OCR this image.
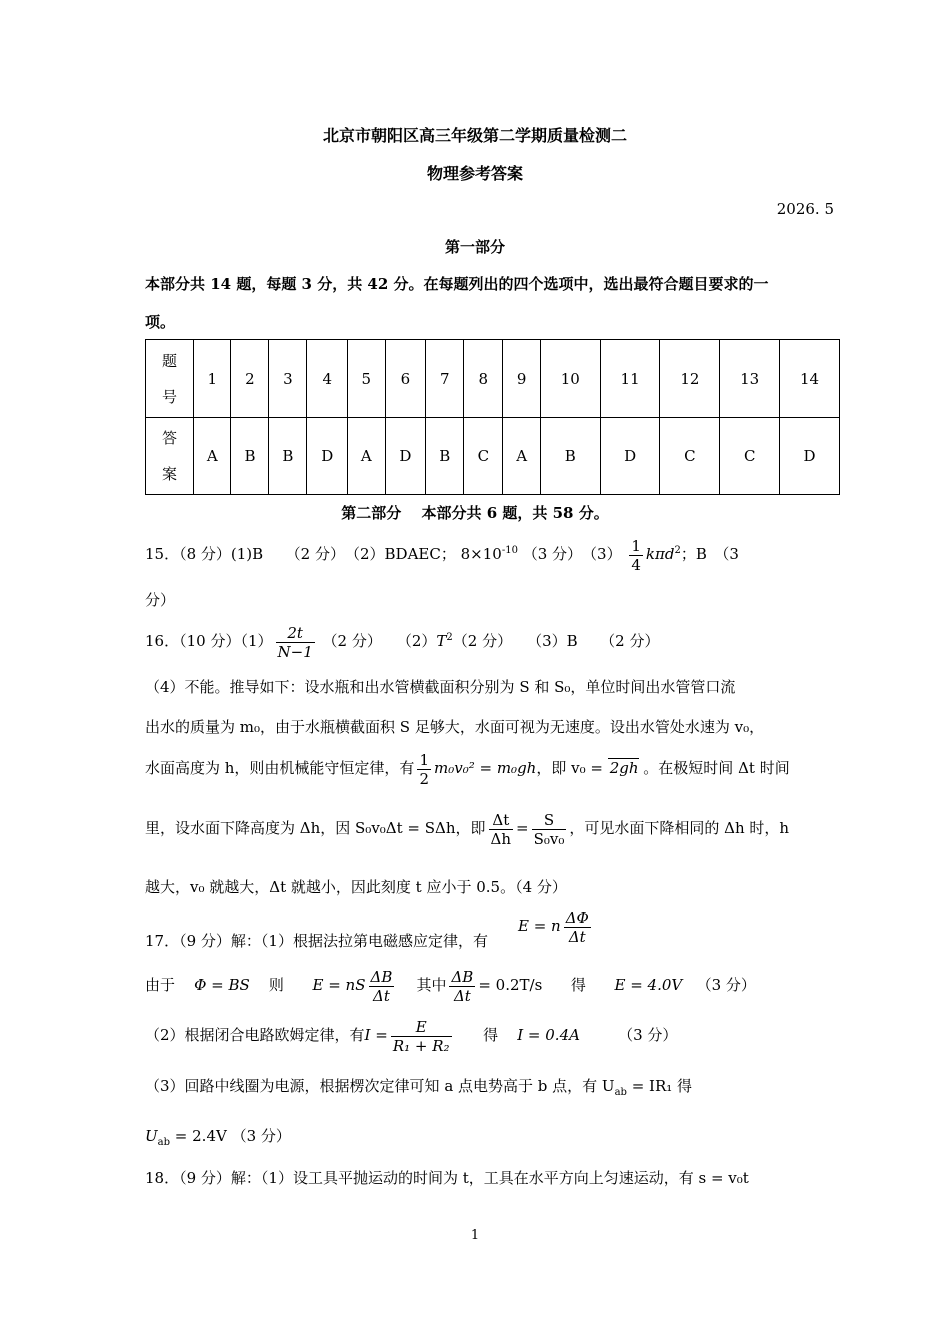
北京市朝阳区高三年级第二学期质量检测二
物理参考答案
2026. 5
第一部分
本部分共 14 题，每题 3 分，共 42 分。在每题列出的四个选项中，选出最符合题目要求的一
项。
题
号	1	2	3	4	5	6	7	8	9	10	11	12	13	14
答
案	A	B	B	D	A	D	B	C	A	B	D	C	C	D
第二部分　 本部分共 6 题，共 58 分。
15．（8 分）(1)B　　（2 分）　（2）BDAEC； $8\times 10^{-10}$ （3 分）　$(3) \frac{1}{4} k\pi d^2$；B　（3
分）
16．（10 分）$(1) \frac{2t}{N-1} (2$ 分）　　$(2)T^2(2$ 分）　　（3）B　　（2 分）
（4）不能。推导如下：设水瓶和出水管横截面积分别为 S 和 S₀，单位时间出水管管口流
出水的质量为 m₀，由于水瓶横截面积 S 足够大，水面可视为无速度。设出水管处水速为 v₀，
水面高度为 h，则由机械能守恒定律，有 $\frac{1}{2} m_0v_0^2 = m_0gh$，即 v₀ = 2gh 。在极短时间 Δt 时间
里，设水面下降高度为 Δh，因 S₀v₀Δt = SΔh，即 $\frac{\Delta t}{\Delta h} = \frac{S}{\text{S₀v₀}}$ ，可见水面下降相同的 Δh 时，h
越大，v₀ 就越大，Δt 就越小，因此刻度 t 应小于 0.5。（4 分）
17．（9 分）解：（1）根据法拉第电磁感应定律，有
E = n $\frac{\Delta\Phi}{\Delta t}$
由于 Φ = BS 则 E = nS $\frac{\Delta B}{\Delta t}$ 其中 $\frac{\Delta B}{\Delta t} = 0.2T/s$ 得 E = 4.0V （3 分）
（2）根据闭合电路欧姆定律，有$I = \frac{E}{\text{R₁ + R₂}}$ 得 I = 0.4A	（3 分）
（3）回路中线圈为电源，根据楞次定律可知 a 点电势高于 b 点，有 $U_{ab} = IR_1$ 得
$U_{ab} = 2.4V$ （3 分）
18．（9 分）解：（1）设工具平抛运动的时间为 t，工具在水平方向上匀速运动，有 s = v₀t
1
